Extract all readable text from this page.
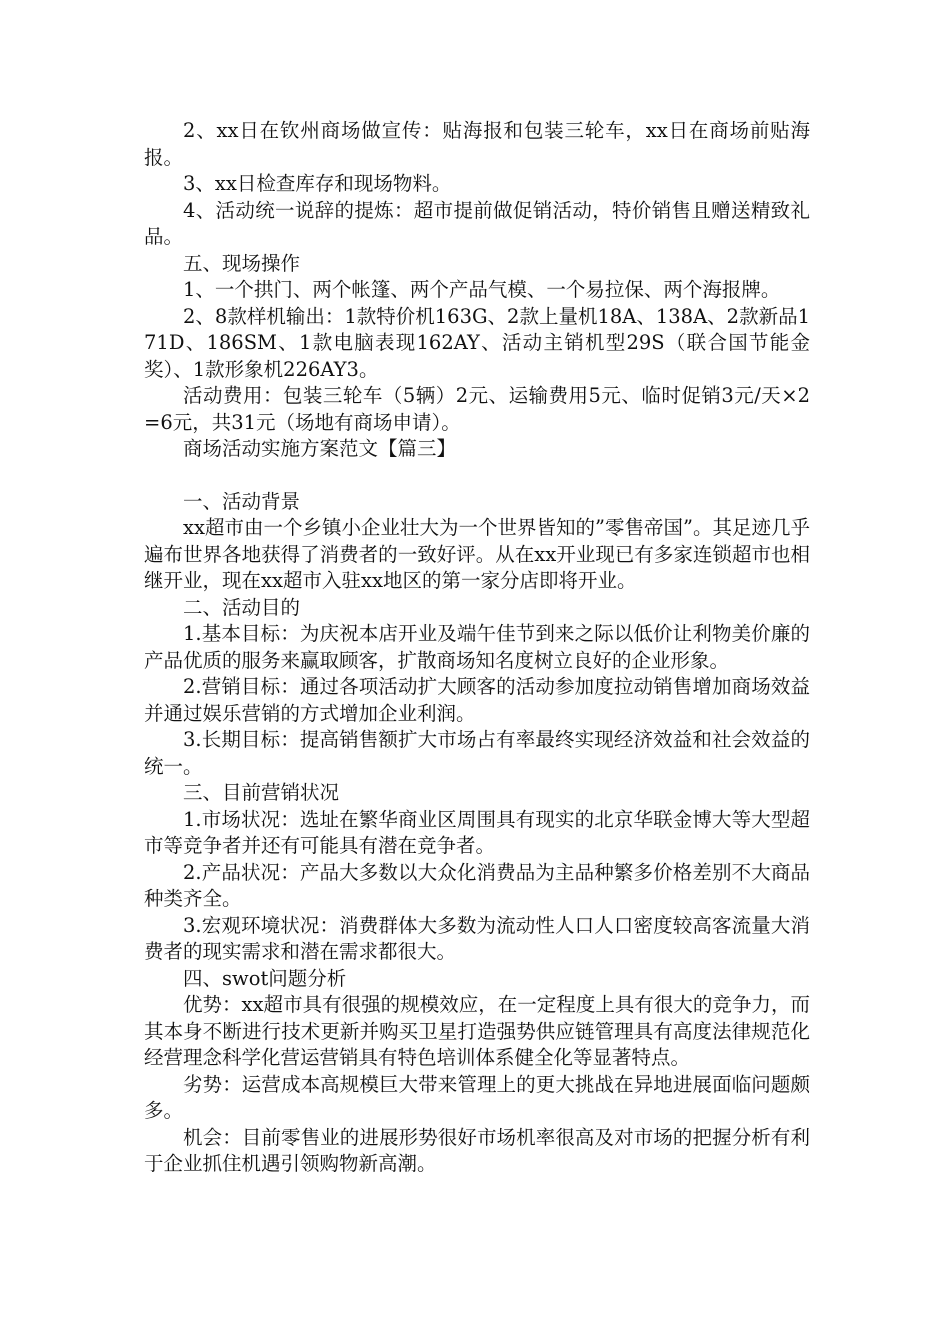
2、xx日在钦州商场做宣传：贴海报和包装三轮车，xx日在商场前贴海报。

3、xx日检查库存和现场物料。

4、活动统一说辞的提炼：超市提前做促销活动，特价销售且赠送精致礼品。

五、现场操作

1、一个拱门、两个帐篷、两个产品气模、一个易拉保、两个海报牌。

2、8款样机输出：1款特价机163G、2款上量机18A、138A、2款新品171D、186SM、1款电脑表现162AY、活动主销机型29S（联合国节能金奖）、1款形象机226AY3。

活动费用：包装三轮车（5辆）2元、运输费用5元、临时促销3元/天×2=6元，共31元（场地有商场申请）。

商场活动实施方案范文【篇三】

一、活动背景

xx超市由一个乡镇小企业壮大为一个世界皆知的”零售帝国”。其足迹几乎遍布世界各地获得了消费者的一致好评。从在xx开业现已有多家连锁超市也相继开业，现在xx超市入驻xx地区的第一家分店即将开业。

二、活动目的

1.基本目标：为庆祝本店开业及端午佳节到来之际以低价让利物美价廉的产品优质的服务来赢取顾客，扩散商场知名度树立良好的企业形象。

2.营销目标：通过各项活动扩大顾客的活动参加度拉动销售增加商场效益并通过娱乐营销的方式增加企业利润。

3.长期目标：提高销售额扩大市场占有率最终实现经济效益和社会效益的统一。

三、目前营销状况

1.市场状况：选址在繁华商业区周围具有现实的北京华联金博大等大型超市等竞争者并还有可能具有潜在竞争者。

2.产品状况：产品大多数以大众化消费品为主品种繁多价格差别不大商品种类齐全。

3.宏观环境状况：消费群体大多数为流动性人口人口密度较高客流量大消费者的现实需求和潜在需求都很大。

四、swot问题分析

优势：xx超市具有很强的规模效应，在一定程度上具有很大的竞争力，而其本身不断进行技术更新并购买卫星打造强势供应链管理具有高度法律规范化经营理念科学化营运营销具有特色培训体系健全化等显著特点。

劣势：运营成本高规模巨大带来管理上的更大挑战在异地进展面临问题颇多。

机会：目前零售业的进展形势很好市场机率很高及对市场的把握分析有利于企业抓住机遇引领购物新高潮。
